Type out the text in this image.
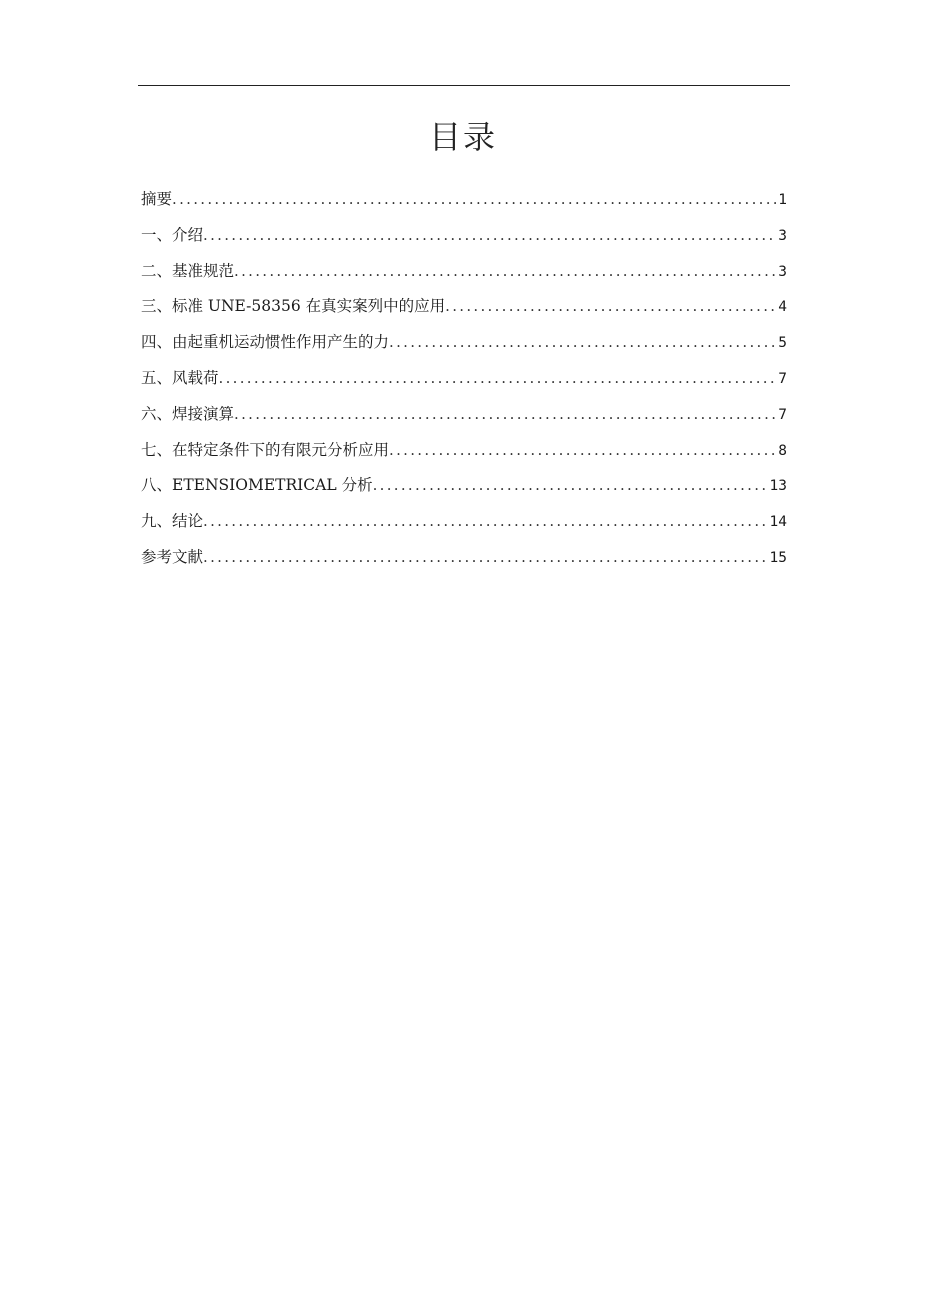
目录
摘要 .....	1
一、介绍 .....	3
二、基准规范 .....	3
三、标准 UNE-58356 在真实案列中的应用 .....	4
四、由起重机运动惯性作用产生的力 .....	5
五、风载荷 .....	7
六、焊接演算 .....	7
七、在特定条件下的有限元分析应用 .....	8
八、ETENSIOMETRICAL 分析 .....	13
九、结论 .....	14
参考文献 .....	15
